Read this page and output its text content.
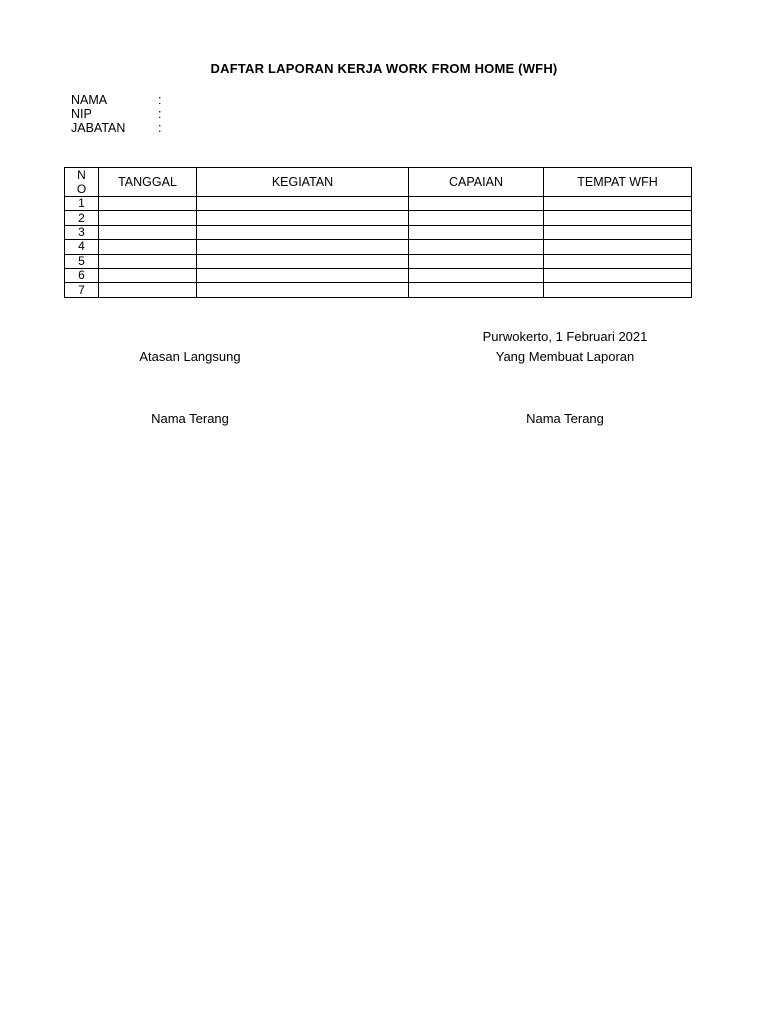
DAFTAR LAPORAN KERJA WORK FROM HOME (WFH)
NAMA	:
NIP	:
JABATAN	:
N
O	TANGGAL	KEGIATAN	CAPAIAN	TEMPAT WFH
1				
2				
3				
4				
5				
6				
7				
Purwokerto, 1 Februari 2021
Atasan Langsung	Yang Membuat Laporan
Nama Terang	Nama Terang
